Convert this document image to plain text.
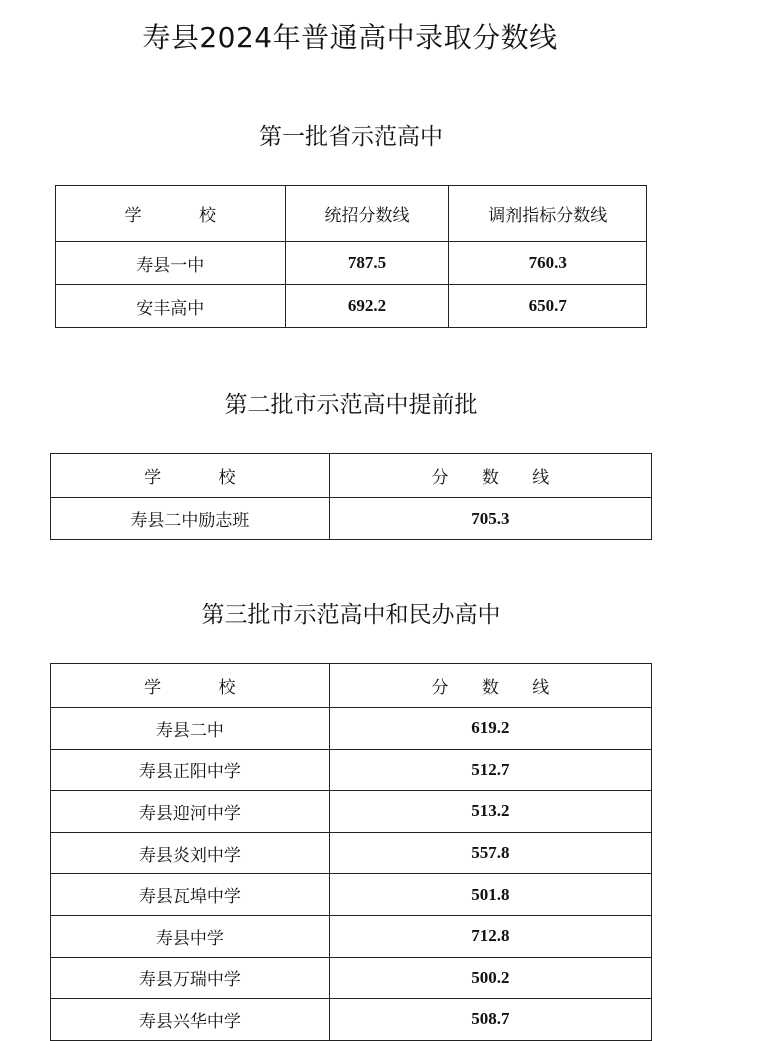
寿县2024年普通高中录取分数线
第一批省示范高中
学 校	统招分数线	调剂指标分数线
寿县一中	787.5	760.3
安丰高中	692.2	650.7
第二批市示范高中提前批
学 校	分 数 线
寿县二中励志班	705.3
第三批市示范高中和民办高中
学 校	分 数 线
寿县二中	619.2
寿县正阳中学	512.7
寿县迎河中学	513.2
寿县炎刘中学	557.8
寿县瓦埠中学	501.8
寿县中学	712.8
寿县万瑞中学	500.2
寿县兴华中学	508.7
